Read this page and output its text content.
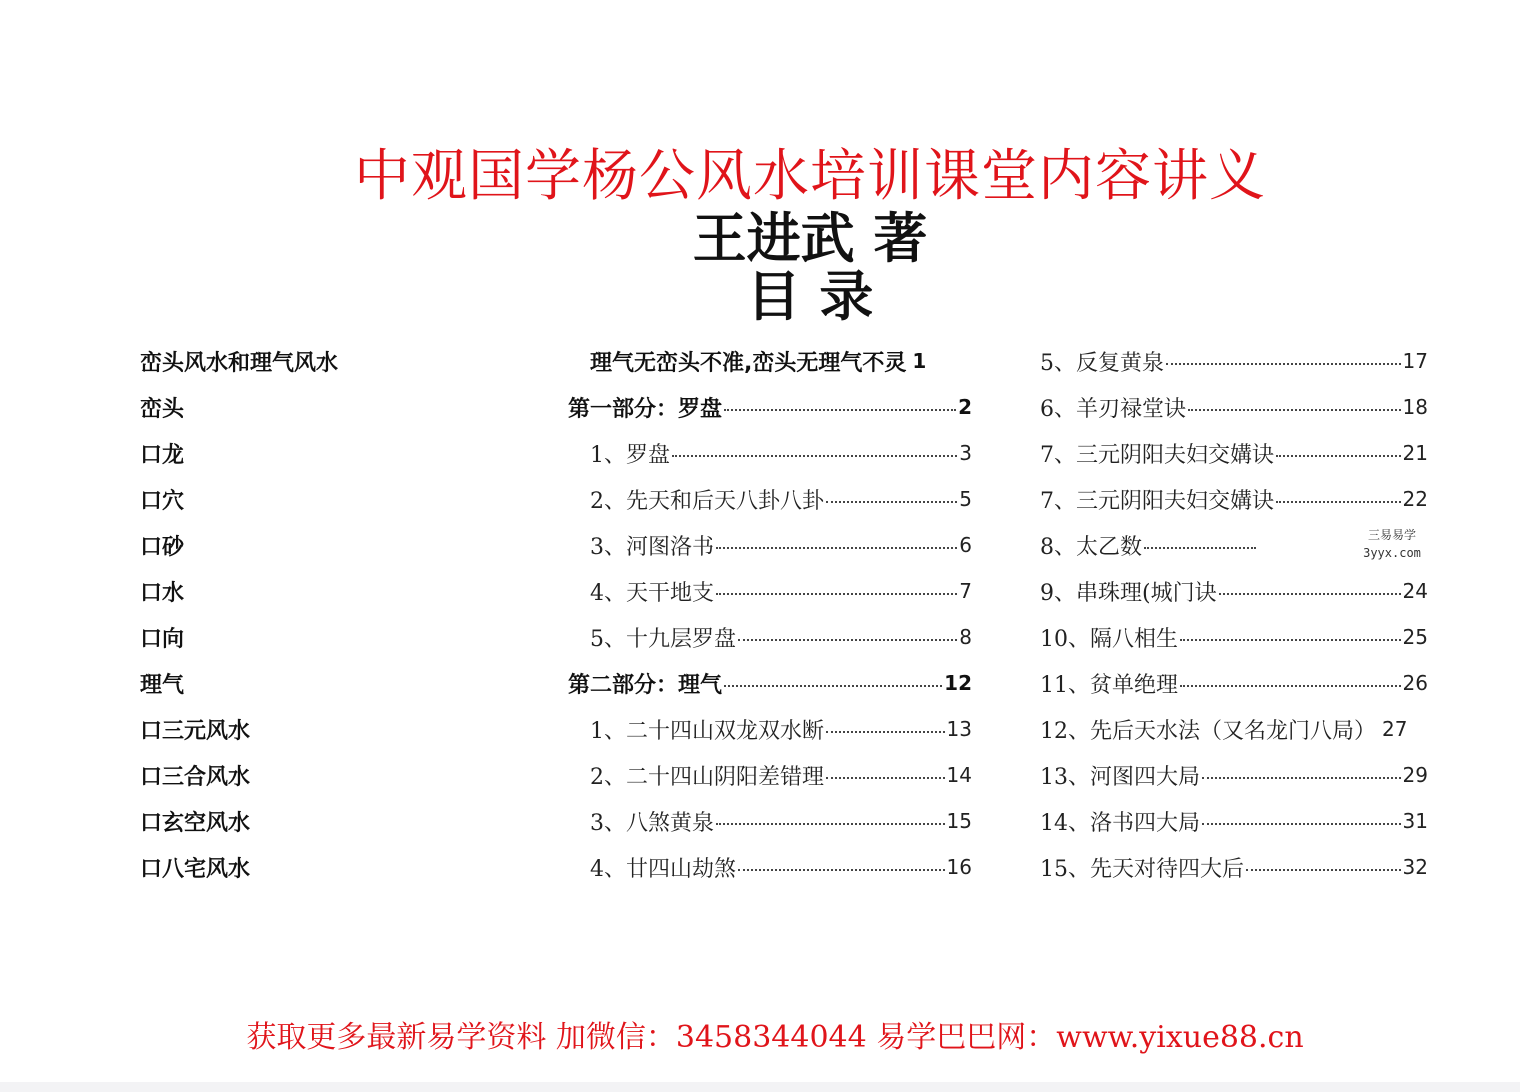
中观国学杨公风水培训课堂内容讲义
王进武 著
目 录
峦头风水和理气风水
峦头
口龙
口穴
口砂
口水
口向
理气
口三元风水
口三合风水
口玄空风水
口八宅风水
理气无峦头不准,峦头无理气不灵 1
第一部分：罗盘	2
1、罗盘	3
2、先天和后天八卦八卦	5
3、河图洛书	6
4、天干地支	7
5、十九层罗盘	8
第二部分：理气	12
1、二十四山双龙双水断	13
2、二十四山阴阳差错理	14
3、八煞黄泉	15
4、廿四山劫煞	16
5、反复黄泉	17
6、羊刃禄堂诀	18
7、三元阴阳夫妇交媾诀	21
7、三元阴阳夫妇交媾诀	22
8、太乙数
9、串珠理(城门诀	24
10、隔八相生	25
11、贫单绝理	26
12、先后天水法（又名龙门八局） 27
13、河图四大局	29
14、洛书四大局	31
15、先天对待四大后	32
三易易学
3yyx.com
获取更多最新易学资料 加微信：3458344044 易学巴巴网：www.yixue88.cn
